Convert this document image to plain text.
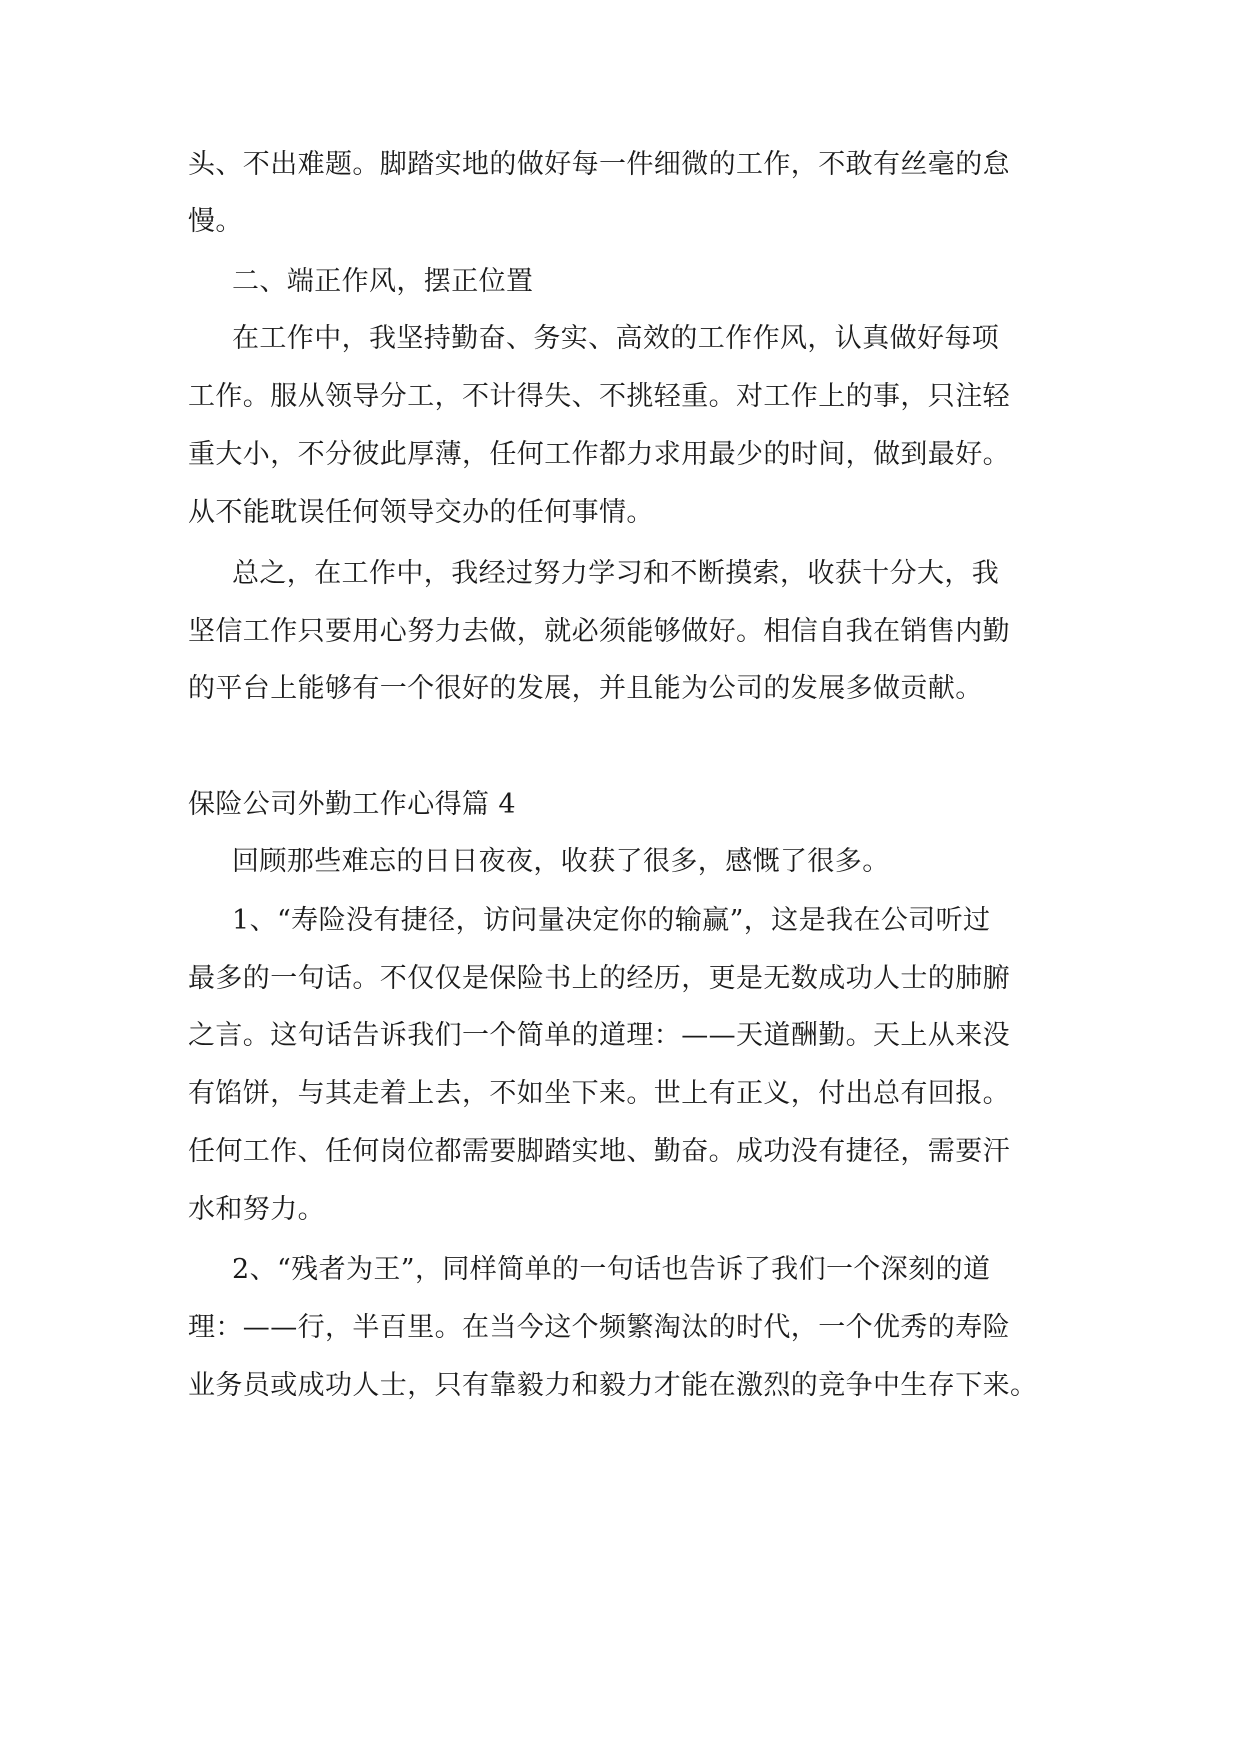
头、不出难题。脚踏实地的做好每一件细微的工作，不敢有丝毫的怠
慢。
二、端正作风，摆正位置
在工作中，我坚持勤奋、务实、高效的工作作风，认真做好每项
工作。服从领导分工，不计得失、不挑轻重。对工作上的事，只注轻
重大小，不分彼此厚薄，任何工作都力求用最少的时间，做到最好。
从不能耽误任何领导交办的任何事情。
总之，在工作中，我经过努力学习和不断摸索，收获十分大，我
坚信工作只要用心努力去做，就必须能够做好。相信自我在销售内勤
的平台上能够有一个很好的发展，并且能为公司的发展多做贡献。
保险公司外勤工作心得篇 4
回顾那些难忘的日日夜夜，收获了很多，感慨了很多。
1、“寿险没有捷径，访问量决定你的输赢”，这是我在公司听过
最多的一句话。不仅仅是保险书上的经历，更是无数成功人士的肺腑
之言。这句话告诉我们一个简单的道理：——天道酬勤。天上从来没
有馅饼，与其走着上去，不如坐下来。世上有正义，付出总有回报。
任何工作、任何岗位都需要脚踏实地、勤奋。成功没有捷径，需要汗
水和努力。
2、“残者为王”，同样简单的一句话也告诉了我们一个深刻的道
理：——行，半百里。在当今这个频繁淘汰的时代，一个优秀的寿险
业务员或成功人士，只有靠毅力和毅力才能在激烈的竞争中生存下来。
